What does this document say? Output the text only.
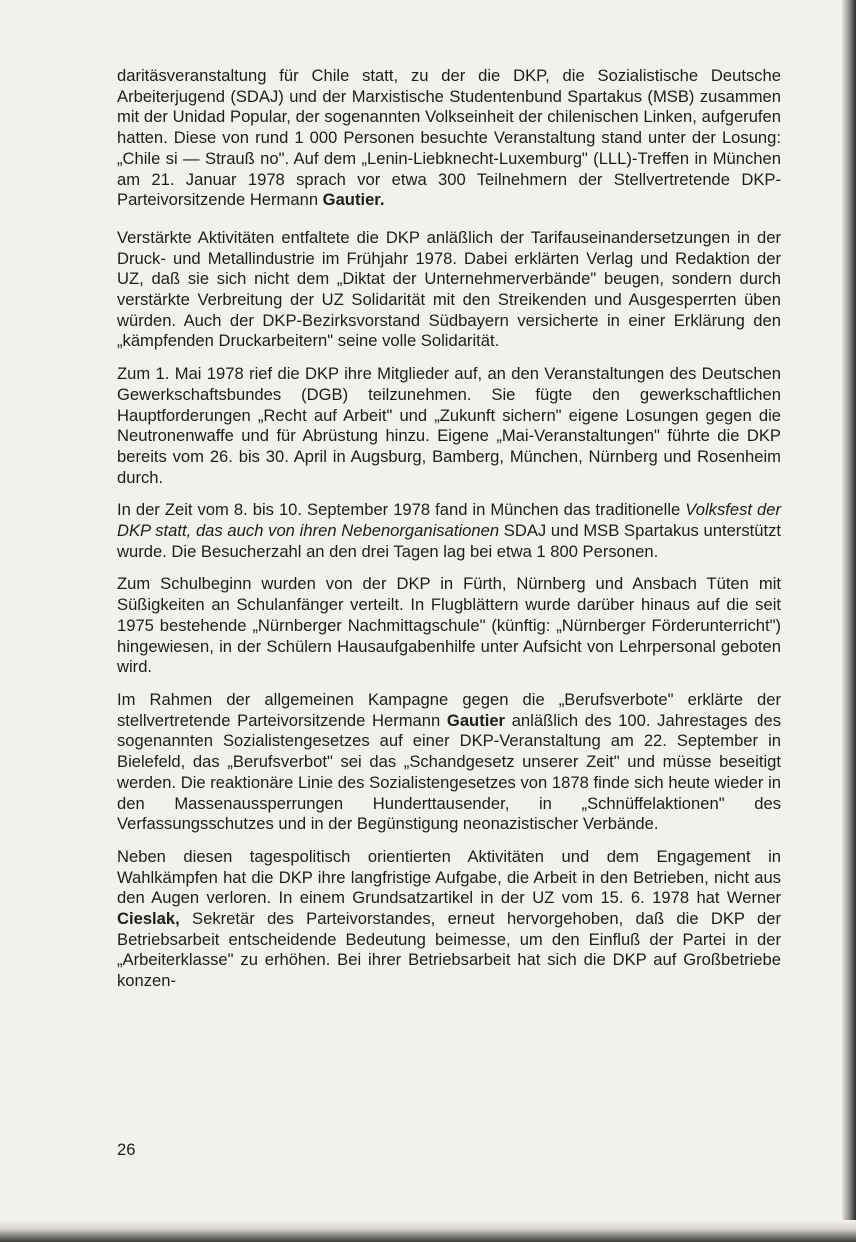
daritäsveranstaltung für Chile statt, zu der die DKP, die Sozialistische Deutsche Arbeiterjugend (SDAJ) und der Marxistische Studentenbund Spartakus (MSB) zusammen mit der Unidad Popular, der sogenannten Volkseinheit der chilenischen Linken, aufgerufen hatten. Diese von rund 1 000 Personen besuchte Veranstaltung stand unter der Losung: „Chile si — Strauß no". Auf dem „Lenin-Liebknecht-Luxemburg" (LLL)-Treffen in München am 21. Januar 1978 sprach vor etwa 300 Teilnehmern der Stellvertretende DKP-Parteivorsitzende Hermann Gautier.

Verstärkte Aktivitäten entfaltete die DKP anläßlich der Tarifauseinandersetzungen in der Druck- und Metallindustrie im Frühjahr 1978. Dabei erklärten Verlag und Redaktion der UZ, daß sie sich nicht dem „Diktat der Unternehmerverbände" beugen, sondern durch verstärkte Verbreitung der UZ Solidarität mit den Streikenden und Ausgesperrten üben würden. Auch der DKP-Bezirksvorstand Südbayern versicherte in einer Erklärung den „kämpfenden Druckarbeitern" seine volle Solidarität.

Zum 1. Mai 1978 rief die DKP ihre Mitglieder auf, an den Veranstaltungen des Deutschen Gewerkschaftsbundes (DGB) teilzunehmen. Sie fügte den gewerkschaftlichen Hauptforderungen „Recht auf Arbeit" und „Zukunft sichern" eigene Losungen gegen die Neutronenwaffe und für Abrüstung hinzu. Eigene „Mai-Veranstaltungen" führte die DKP bereits vom 26. bis 30. April in Augsburg, Bamberg, München, Nürnberg und Rosenheim durch.

In der Zeit vom 8. bis 10. September 1978 fand in München das traditionelle Volksfest der DKP statt, das auch von ihren Nebenorganisationen SDAJ und MSB Spartakus unterstützt wurde. Die Besucherzahl an den drei Tagen lag bei etwa 1 800 Personen.

Zum Schulbeginn wurden von der DKP in Fürth, Nürnberg und Ansbach Tüten mit Süßigkeiten an Schulanfänger verteilt. In Flugblättern wurde darüber hinaus auf die seit 1975 bestehende „Nürnberger Nachmittagschule" (künftig: „Nürnberger Förderunterricht") hingewiesen, in der Schülern Hausaufgabenhilfe unter Aufsicht von Lehrpersonal geboten wird.

Im Rahmen der allgemeinen Kampagne gegen die „Berufsverbote" erklärte der stellvertretende Parteivorsitzende Hermann Gautier anläßlich des 100. Jahrestages des sogenannten Sozialistengesetzes auf einer DKP-Veranstaltung am 22. September in Bielefeld, das „Berufsverbot" sei das „Schandgesetz unserer Zeit" und müsse beseitigt werden. Die reaktionäre Linie des Sozialistengesetzes von 1878 finde sich heute wieder in den Massenaussperrungen Hunderttausender, in „Schnüffelaktionen" des Verfassungsschutzes und in der Begünstigung neonazistischer Verbände.

Neben diesen tagespolitisch orientierten Aktivitäten und dem Engagement in Wahlkämpfen hat die DKP ihre langfristige Aufgabe, die Arbeit in den Betrieben, nicht aus den Augen verloren. In einem Grundsatzartikel in der UZ vom 15. 6. 1978 hat Werner Cieslak, Sekretär des Parteivorstandes, erneut hervorgehoben, daß die DKP der Betriebsarbeit entscheidende Bedeutung beimesse, um den Einfluß der Partei in der „Arbeiterklasse" zu erhöhen. Bei ihrer Betriebsarbeit hat sich die DKP auf Großbetriebe konzen-

26
